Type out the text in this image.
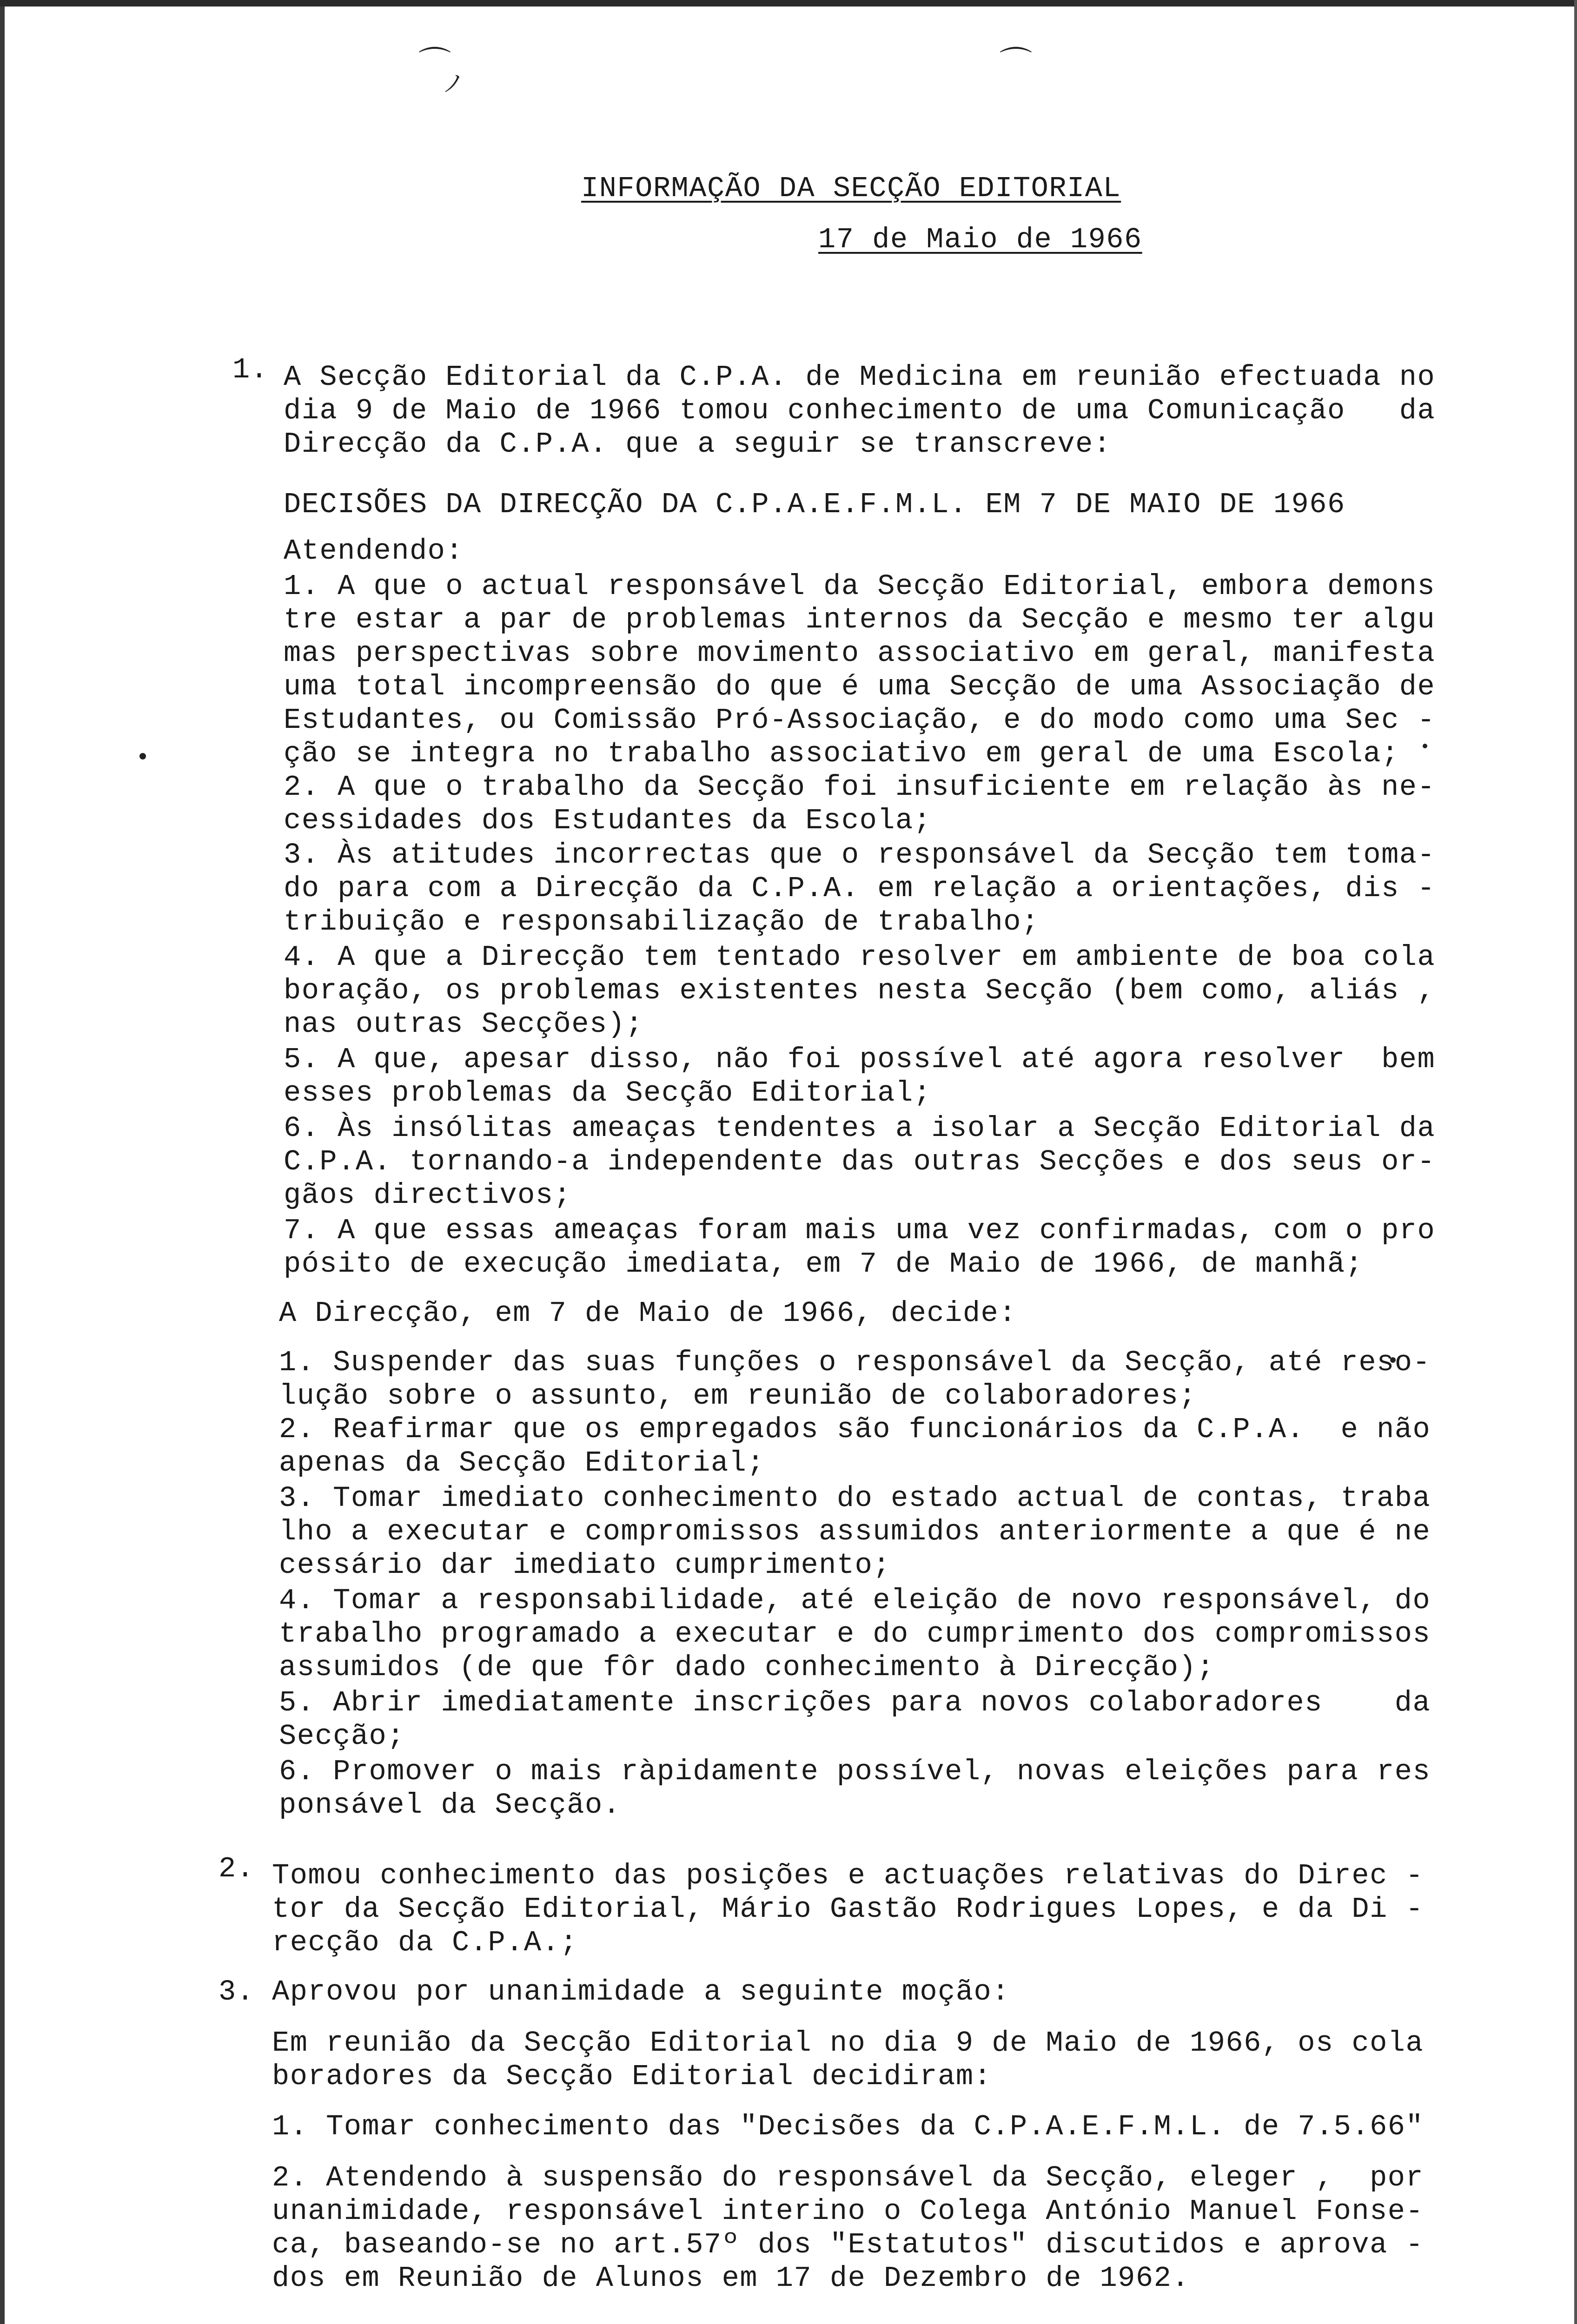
⌒
ノ
⌒
INFORMAÇÃO DA SECÇÃO EDITORIAL
17 de Maio de 1966
1. A Secção Editorial da C.P.A. de Medicina em reunião efectuada no
dia 9 de Maio de 1966 tomou conhecimento de uma Comunicação   da
Direcção da C.P.A. que a seguir se transcreve:
DECISÕES DA DIRECÇÃO DA C.P.A.E.F.M.L. EM 7 DE MAIO DE 1966
Atendendo:
1. A que o actual responsável da Secção Editorial, embora demons
tre estar a par de problemas internos da Secção e mesmo ter algu
mas perspectivas sobre movimento associativo em geral, manifesta
uma total incompreensão do que é uma Secção de uma Associação de
Estudantes, ou Comissão Pró-Associação, e do modo como uma Sec -
ção se integra no trabalho associativo em geral de uma Escola;
2. A que o trabalho da Secção foi insuficiente em relação às ne-
cessidades dos Estudantes da Escola;
3. Às atitudes incorrectas que o responsável da Secção tem toma-
do para com a Direcção da C.P.A. em relação a orientações, dis -
tribuição e responsabilização de trabalho;
4. A que a Direcção tem tentado resolver em ambiente de boa cola
boração, os problemas existentes nesta Secção (bem como, aliás ,
nas outras Secções);
5. A que, apesar disso, não foi possível até agora resolver  bem
esses problemas da Secção Editorial;
6. Às insólitas ameaças tendentes a isolar a Secção Editorial da
C.P.A. tornando-a independente das outras Secções e dos seus or-
gãos directivos;
7. A que essas ameaças foram mais uma vez confirmadas, com o pro
pósito de execução imediata, em 7 de Maio de 1966, de manhã;
A Direcção, em 7 de Maio de 1966, decide:
1. Suspender das suas funções o responsável da Secção, até reso-
lução sobre o assunto, em reunião de colaboradores;
2. Reafirmar que os empregados são funcionários da C.P.A.  e não
apenas da Secção Editorial;
3. Tomar imediato conhecimento do estado actual de contas, traba
lho a executar e compromissos assumidos anteriormente a que é ne
cessário dar imediato cumprimento;
4. Tomar a responsabilidade, até eleição de novo responsável, do
trabalho programado a executar e do cumprimento dos compromissos
assumidos (de que fôr dado conhecimento à Direcção);
5. Abrir imediatamente inscrições para novos colaboradores    da
Secção;
6. Promover o mais ràpidamente possível, novas eleições para res
ponsável da Secção.
2. Tomou conhecimento das posições e actuações relativas do Direc -
tor da Secção Editorial, Mário Gastão Rodrigues Lopes, e da Di -
recção da C.P.A.;
3. Aprovou por unanimidade a seguinte moção:
Em reunião da Secção Editorial no dia 9 de Maio de 1966, os cola
boradores da Secção Editorial decidiram:
1. Tomar conhecimento das "Decisões da C.P.A.E.F.M.L. de 7.5.66"
2. Atendendo à suspensão do responsável da Secção, eleger ,  por
unanimidade, responsável interino o Colega António Manuel Fonse-
ca, baseando-se no art.57º dos "Estatutos" discutidos e aprova -
dos em Reunião de Alunos em 17 de Dezembro de 1962.
